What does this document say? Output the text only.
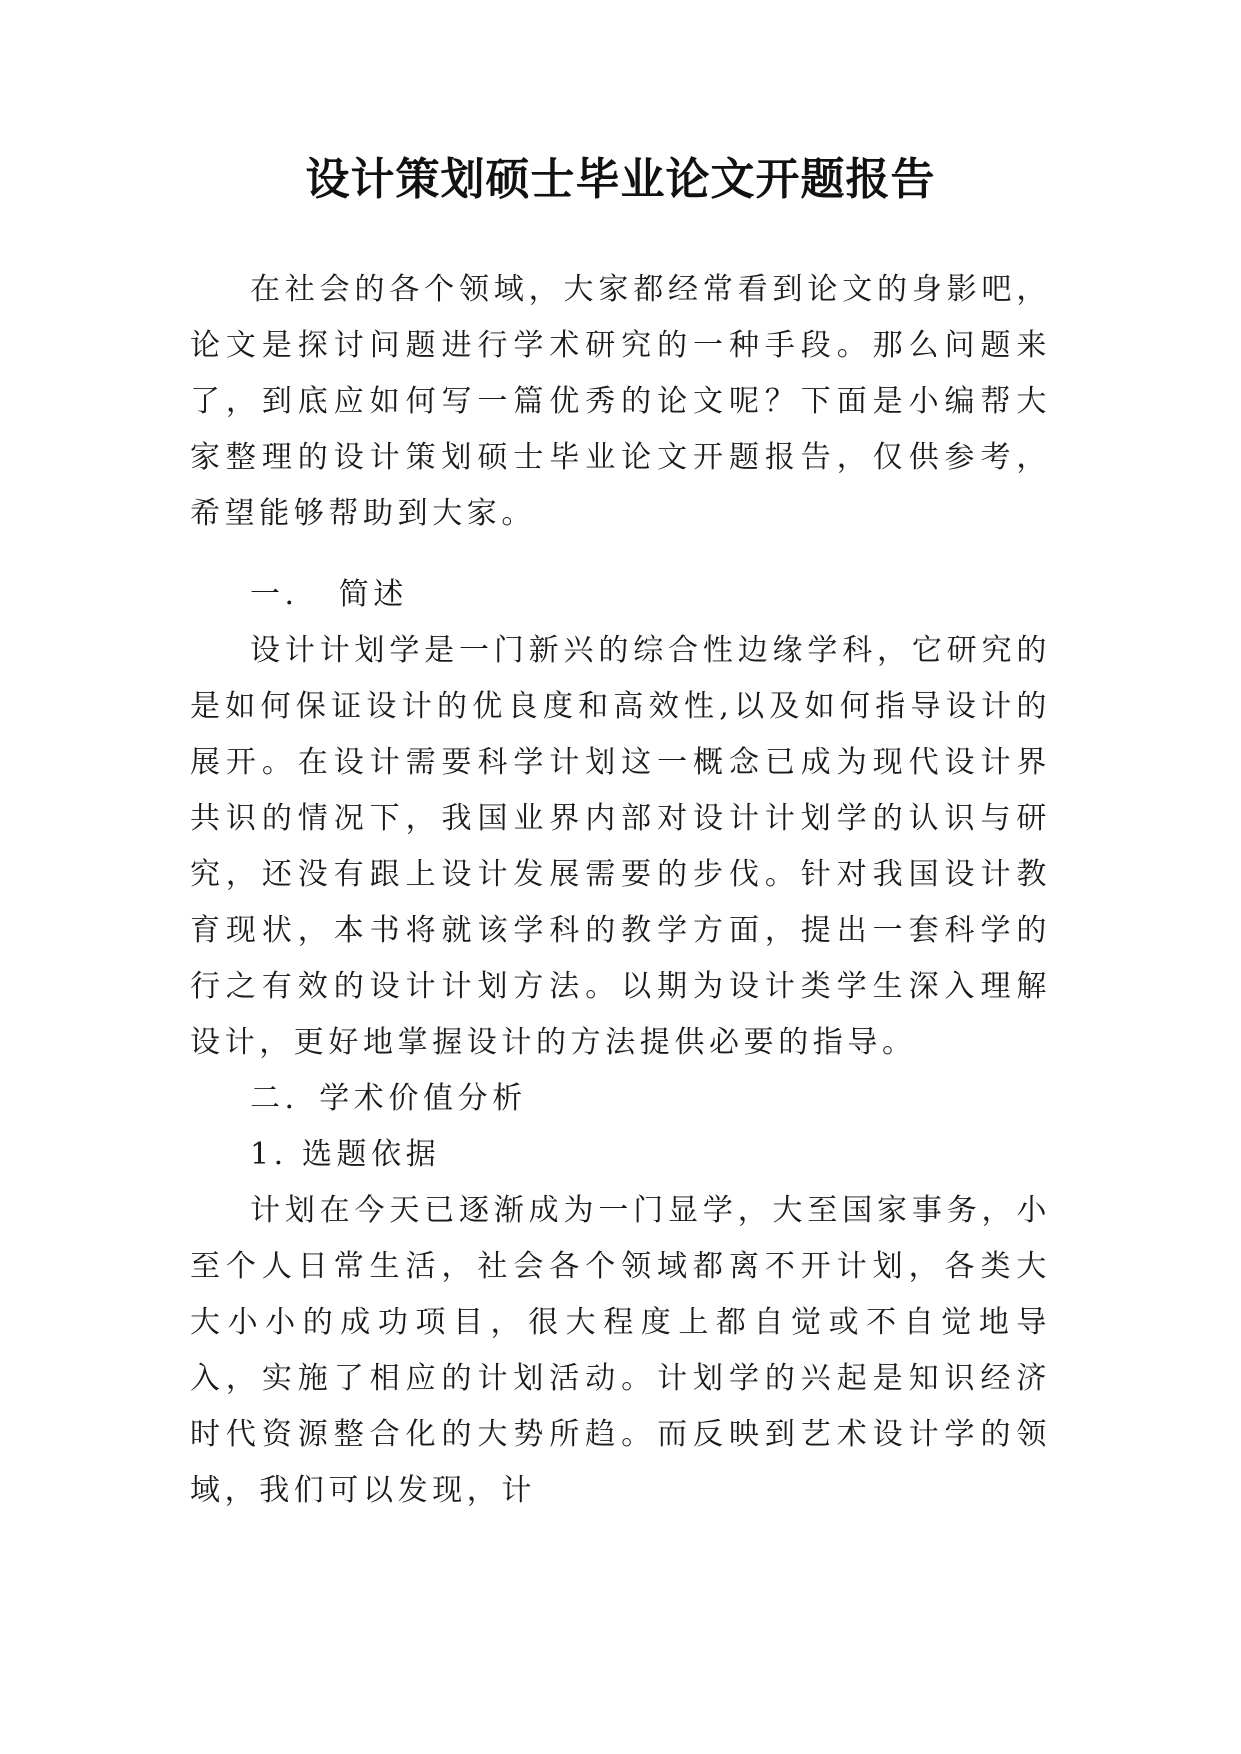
设计策划硕士毕业论文开题报告

在社会的各个领域，大家都经常看到论文的身影吧，论文是探讨问题进行学术研究的一种手段。那么问题来了，到底应如何写一篇优秀的论文呢？下面是小编帮大家整理的设计策划硕士毕业论文开题报告，仅供参考，希望能够帮助到大家。

一．　简述

设计计划学是一门新兴的综合性边缘学科，它研究的是如何保证设计的优良度和高效性,以及如何指导设计的展开。在设计需要科学计划这一概念已成为现代设计界共识的情况下，我国业界内部对设计计划学的认识与研究，还没有跟上设计发展需要的步伐。针对我国设计教育现状，本书将就该学科的教学方面，提出一套科学的行之有效的设计计划方法。以期为设计类学生深入理解设计，更好地掌握设计的方法提供必要的指导。

二．学术价值分析

1. 选题依据

计划在今天已逐渐成为一门显学，大至国家事务，小至个人日常生活，社会各个领域都离不开计划，各类大大小小的成功项目，很大程度上都自觉或不自觉地导入，实施了相应的计划活动。计划学的兴起是知识经济时代资源整合化的大势所趋。而反映到艺术设计学的领域，我们可以发现，计
